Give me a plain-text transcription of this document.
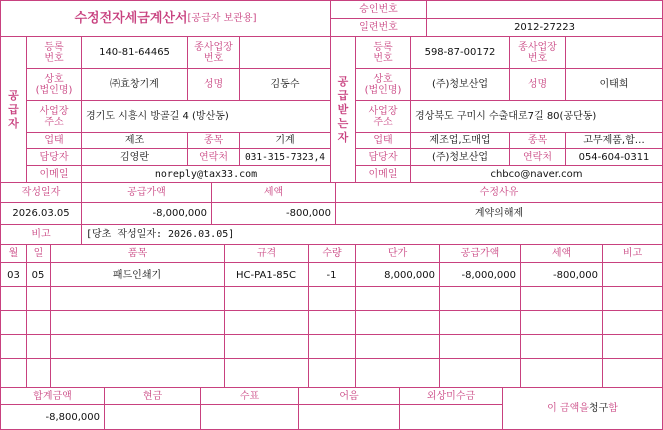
수정전자세금계산서 [공급자 보관용]
승인번호
일련번호	2012-27223
공
급
자
등록
번호	140-81-64465	종사업장
번호
상호
(법인명)	㈜효창기계	성명	김동수
사업장
주소	경기도 시흥시 방골길 4 (방산동)
업태	제조	종목	기계
담당자	김영란	연락처	031-315-7323,4
이메일	noreply@tax33.com
공
급
받
는
자
등록
번호	598-87-00172	종사업장
번호
상호
(법인명)	(주)청보산업	성명	이태희
사업장
주소	경상북도 구미시 수출대로7길 80(공단동)
업태	제조업,도매업	종목	고무제품,합…
담당자	(주)청보산업	연락처	054-604-0311
이메일	chbco@naver.com
작성일자	공급가액	세액	수정사유
2026.03.05	-8,000,000	-800,000	계약의해제
비고	[당초 작성일자: 2026.03.05]
월	일	품목	규격	수량	단가	공급가액	세액	비고
03	05	패드인쇄기	HC-PA1-85C	-1	8,000,000	-8,000,000	-800,000
합계금액	현금	수표	어음	외상미수금
-8,800,000
이 금액을 청구 함
